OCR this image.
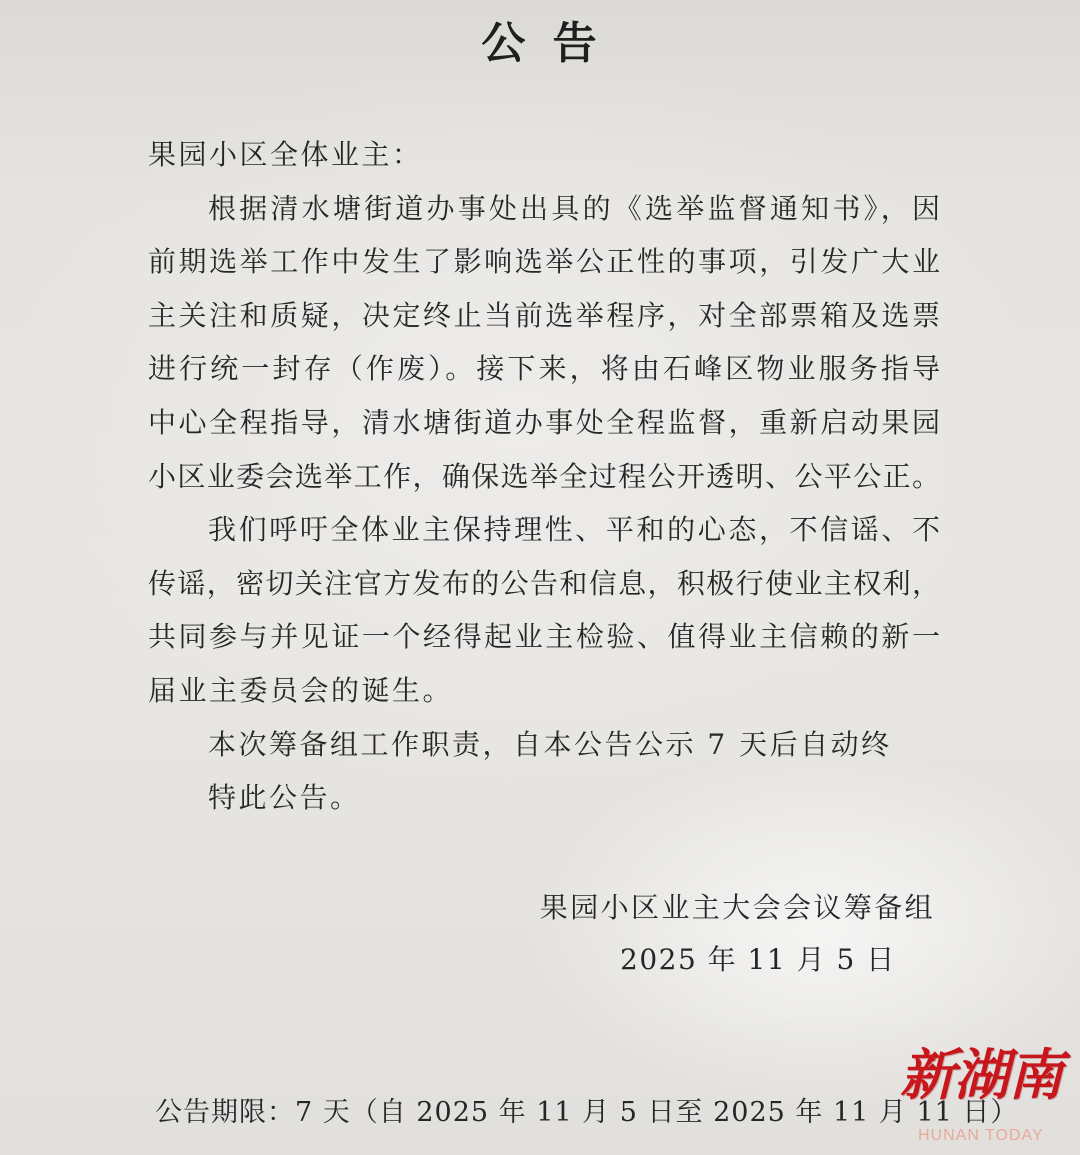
公 告
果园小区全体业主：
根据清水塘街道办事处出具的《选举监督通知书》，因
前期选举工作中发生了影响选举公正性的事项，引发广大业
主关注和质疑，决定终止当前选举程序，对全部票箱及选票
进行统一封存（作废）。接下来，将由石峰区物业服务指导
中心全程指导，清水塘街道办事处全程监督，重新启动果园
小区业委会选举工作，确保选举全过程公开透明、公平公正。
我们呼吁全体业主保持理性、平和的心态，不信谣、不
传谣，密切关注官方发布的公告和信息，积极行使业主权利，
共同参与并见证一个经得起业主检验、值得业主信赖的新一
届业主委员会的诞生。
本次筹备组工作职责，自本公告公示 7 天后自动终
特此公告。
果园小区业主大会会议筹备组
2025 年 11 月 5 日
公告期限：7 天（自 2025 年 11 月 5 日至 2025 年 11 月 11 日）
新湖南
HUNAN TODAY
